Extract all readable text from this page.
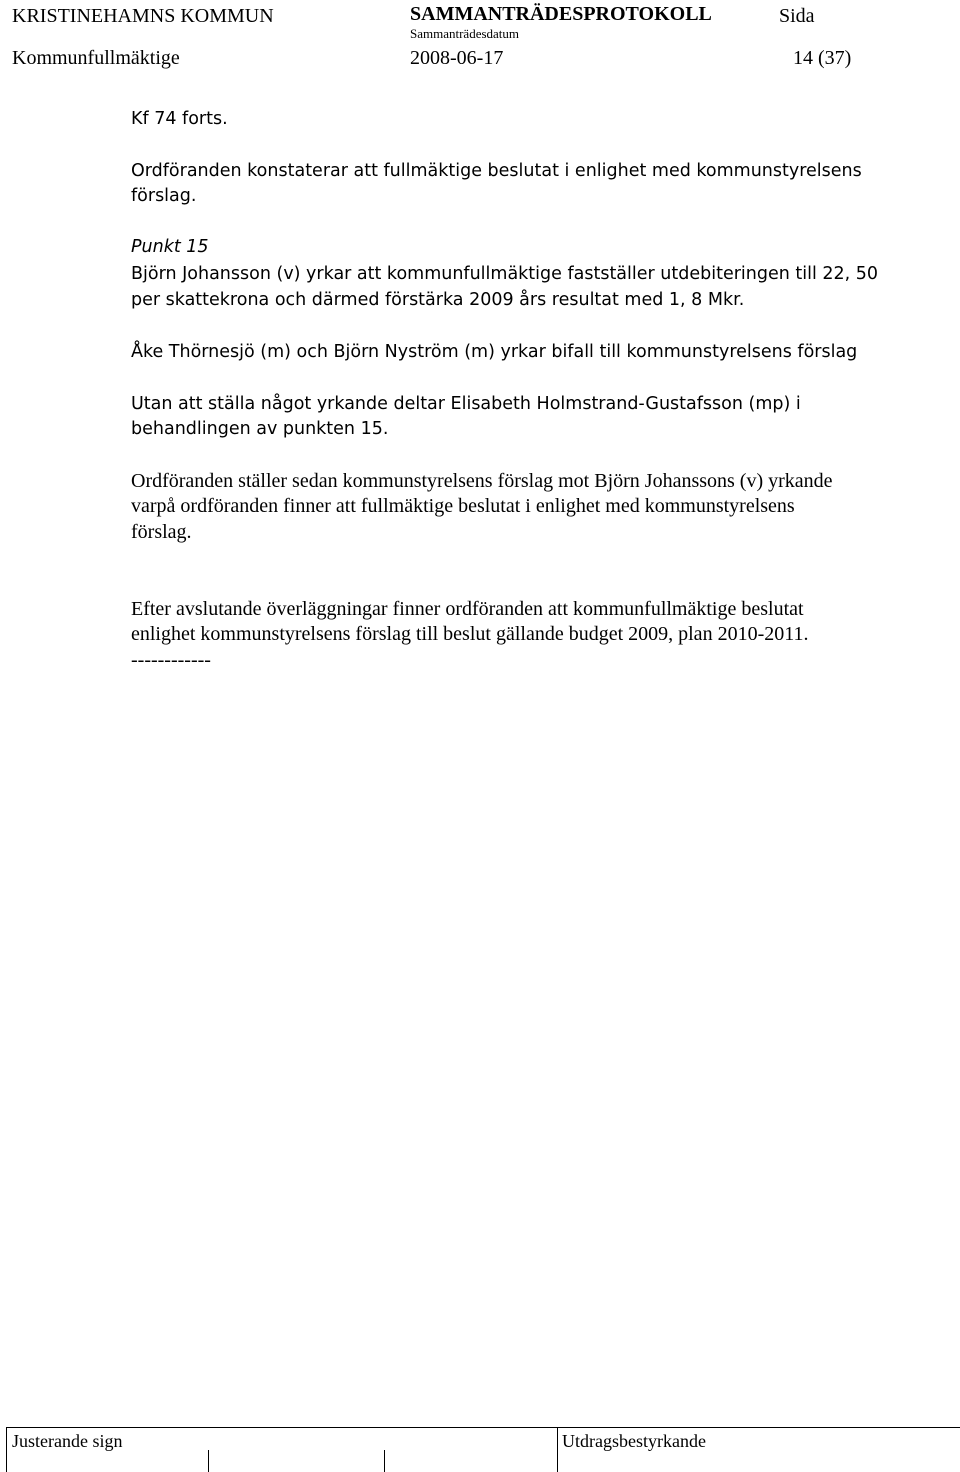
KRISTINEHAMNS KOMMUN	SAMMANTRÄDESPROTOKOLL	Sida
Sammanträdesdatum
Kommunfullmäktige	2008-06-17	14 (37)
Kf 74 forts.
Ordföranden konstaterar att fullmäktige beslutat i enlighet med kommunstyrelsens
förslag.
Punkt 15
Björn Johansson (v) yrkar att kommunfullmäktige fastställer utdebiteringen till 22, 50
per skattekrona och därmed förstärka 2009 års resultat med 1, 8 Mkr.
Åke Thörnesjö (m) och Björn Nyström (m) yrkar bifall till kommunstyrelsens förslag
Utan att ställa något yrkande deltar Elisabeth Holmstrand-Gustafsson (mp) i
behandlingen av punkten 15.
Ordföranden ställer sedan kommunstyrelsens förslag mot Björn Johanssons (v) yrkande
varpå ordföranden finner att fullmäktige beslutat i enlighet med kommunstyrelsens
förslag.
Efter avslutande överläggningar finner ordföranden att kommunfullmäktige beslutat
enlighet kommunstyrelsens förslag till beslut gällande budget 2009, plan 2010-2011.
------------
Justerande sign	Utdragsbestyrkande
